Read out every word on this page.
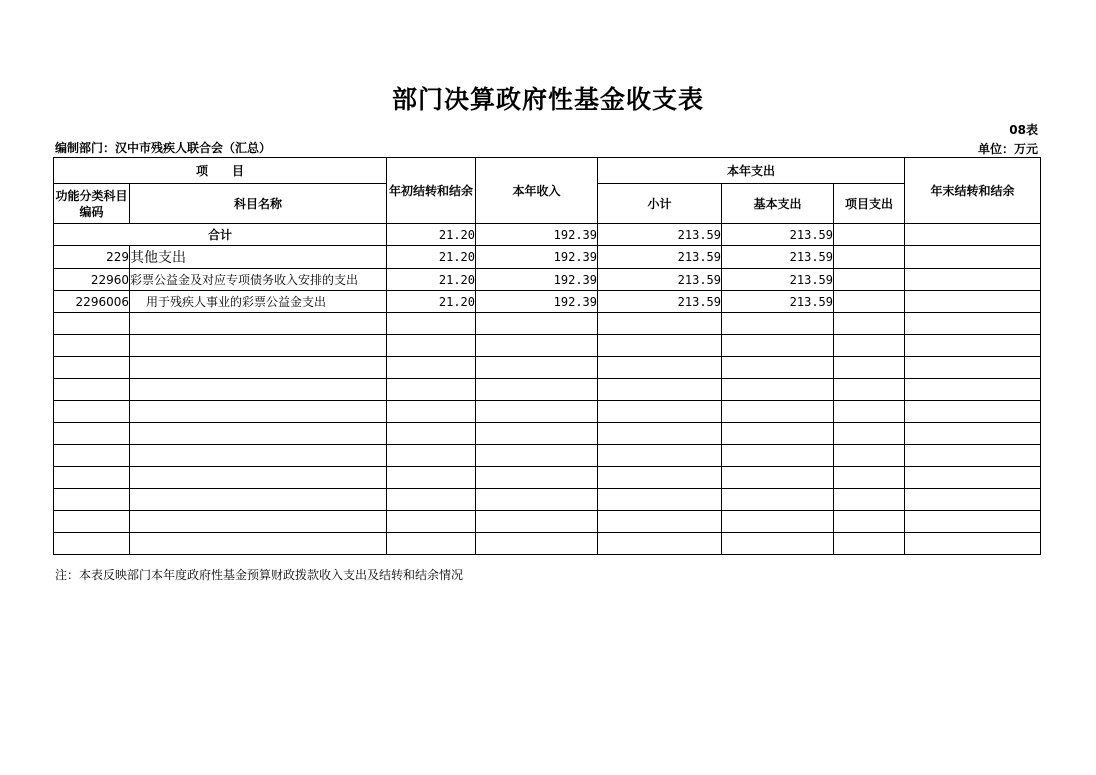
部门决算政府性基金收支表
08表
编制部门：汉中市残疾人联合会（汇总）	单位：万元
项　　目		年初结转和结余	本年收入	本年支出			年末结转和结余
功能分类科目编码	科目名称			小计	基本支出	项目支出	
合计		21.20	192.39	213.59	213.59		
229	其他支出	21.20	192.39	213.59	213.59		
22960	彩票公益金及对应专项债务收入安排的支出	21.20	192.39	213.59	213.59		
2296006	用于残疾人事业的彩票公益金支出	21.20	192.39	213.59	213.59		

注：本表反映部门本年度政府性基金预算财政拨款收入支出及结转和结余情况
